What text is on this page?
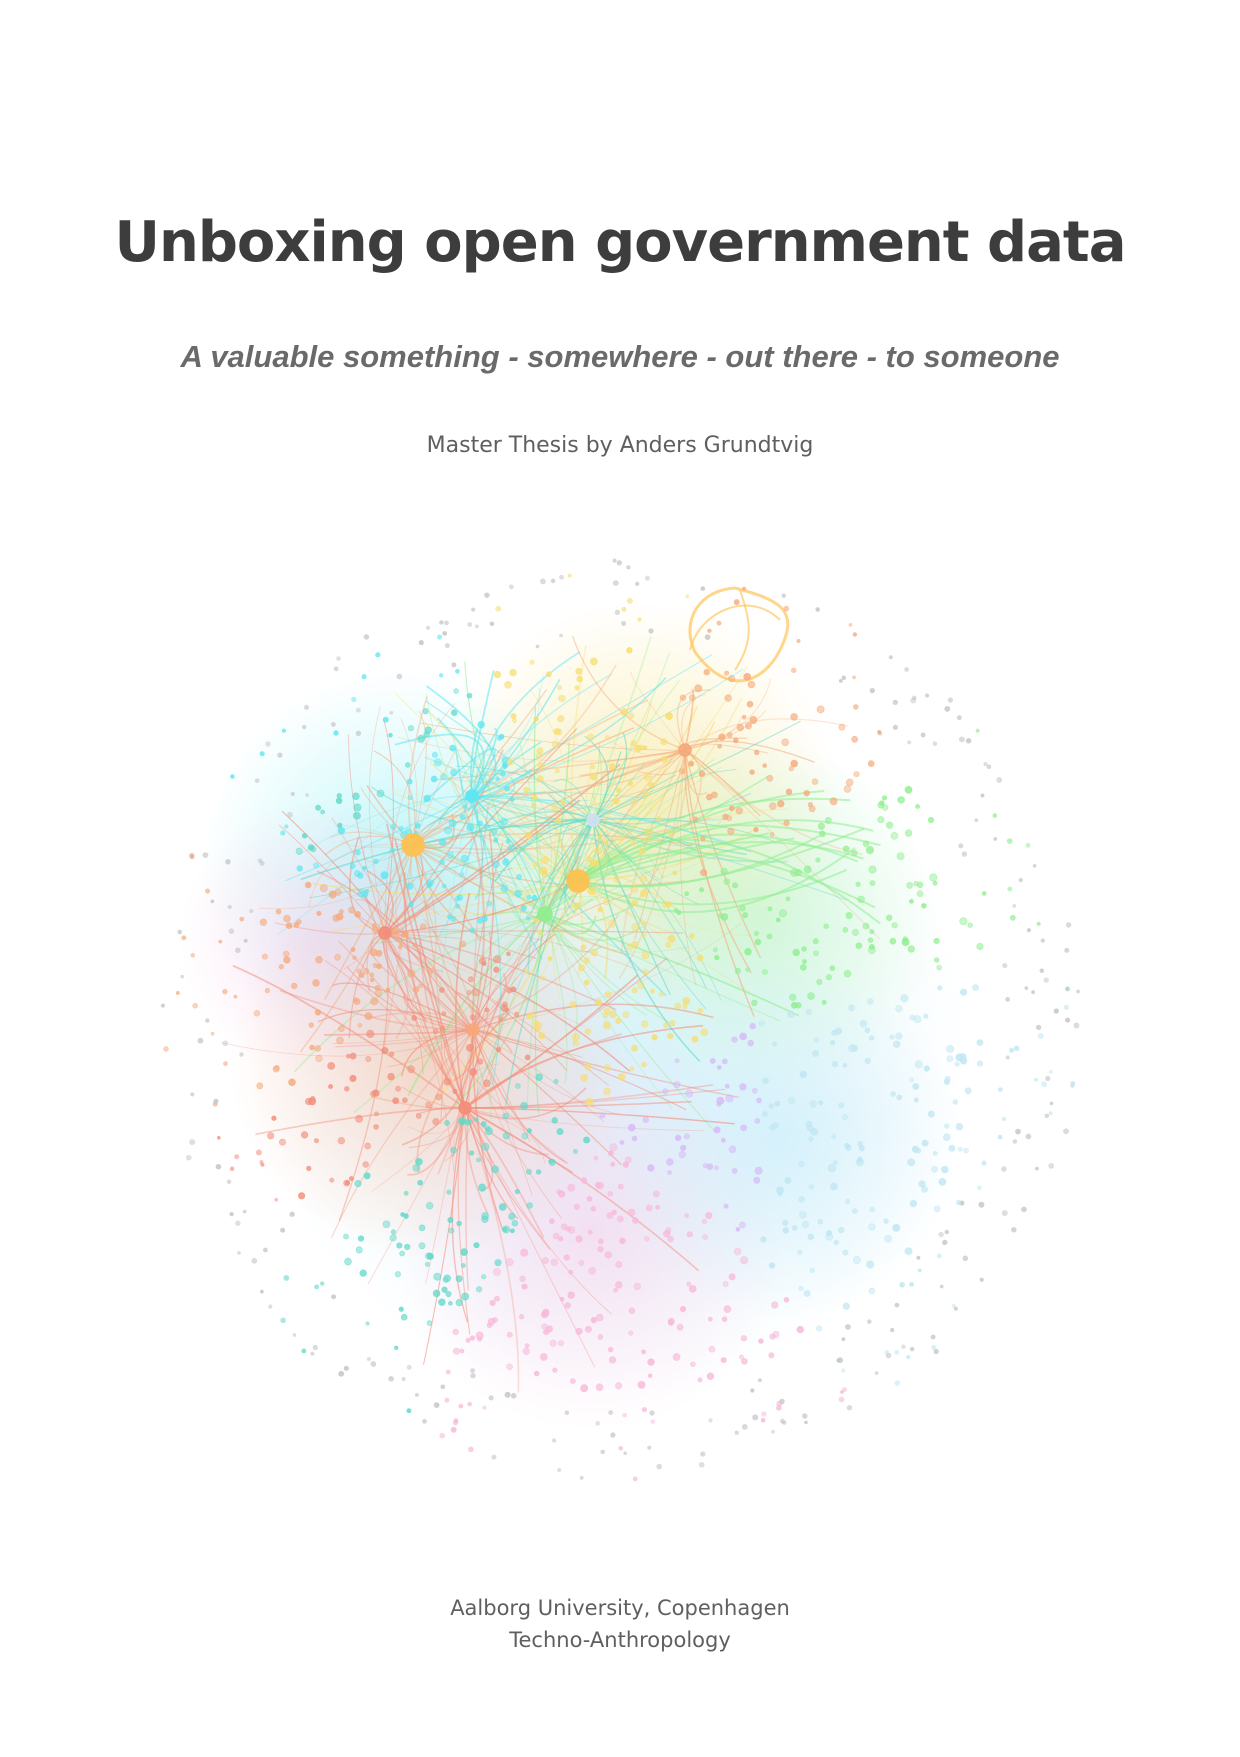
Unboxing open government data

A valuable something - somewhere - out there - to someone

Master Thesis by Anders Grundtvig

Aalborg University, Copenhagen
Techno-Anthropology
